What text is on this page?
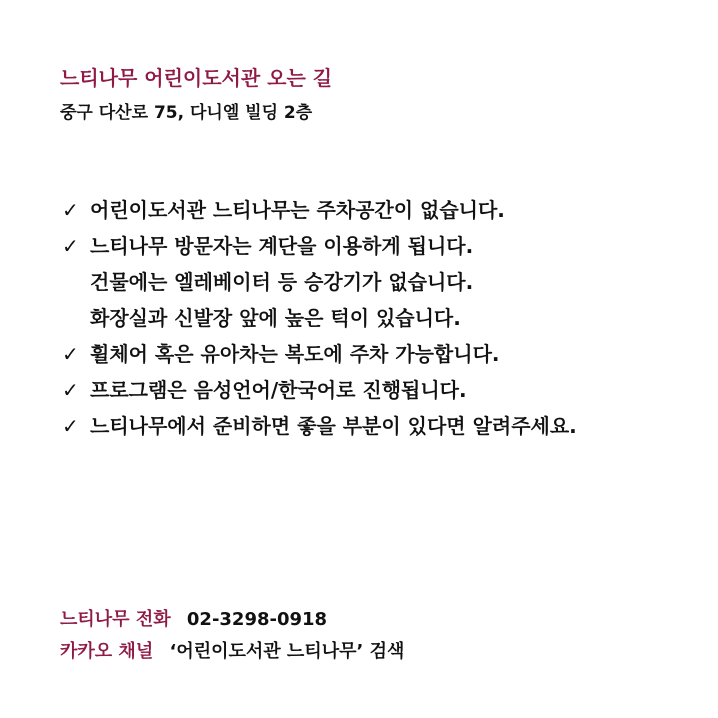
느티나무 어린이도서관 오는 길
중구 다산로 75, 다니엘 빌딩 2층
✓ 어린이도서관 느티나무는 주차공간이 없습니다.
✓ 느티나무 방문자는 계단을 이용하게 됩니다.
건물에는 엘레베이터 등 승강기가 없습니다.
화장실과 신발장 앞에 높은 턱이 있습니다.
✓ 휠체어 혹은 유아차는 복도에 주차 가능합니다.
✓ 프로그램은 음성언어/한국어로 진행됩니다.
✓ 느티나무에서 준비하면 좋을 부분이 있다면 알려주세요.
느티나무 전화 02-3298-0918
카카오 채널 ‘어린이도서관 느티나무’ 검색
